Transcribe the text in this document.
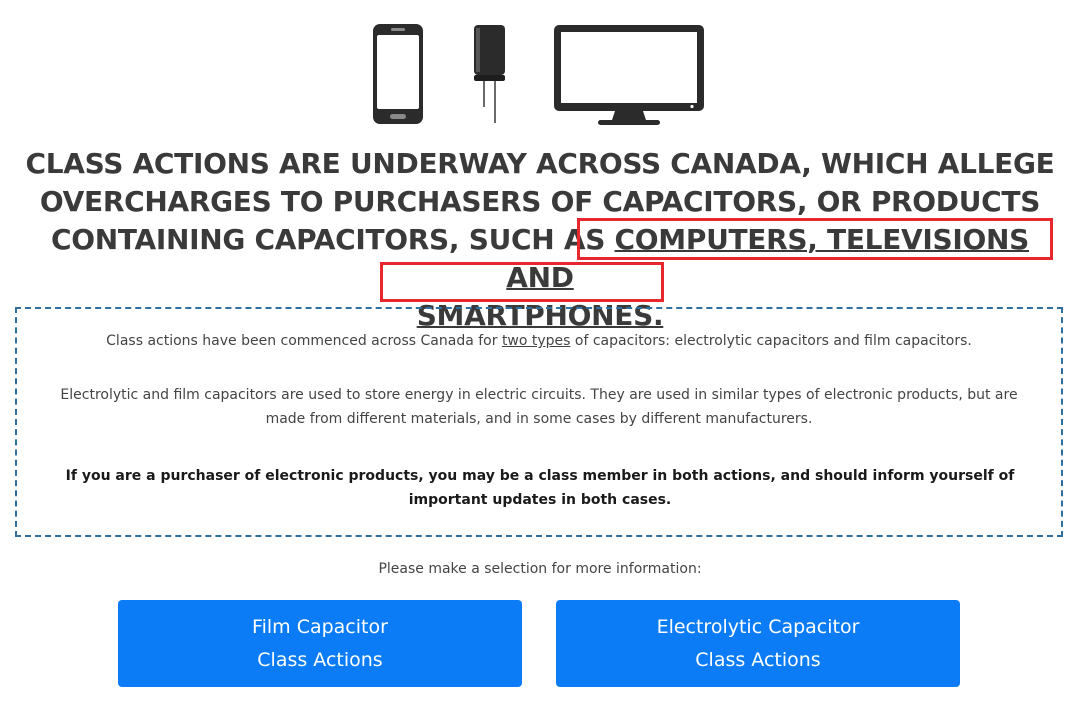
CLASS ACTIONS ARE UNDERWAY ACROSS CANADA, WHICH ALLEGE
OVERCHARGES TO PURCHASERS OF CAPACITORS, OR PRODUCTS
CONTAINING CAPACITORS, SUCH AS COMPUTERS, TELEVISIONS AND
SMARTPHONES.

Class actions have been commenced across Canada for two types of capacitors: electrolytic capacitors and film capacitors.

Electrolytic and film capacitors are used to store energy in electric circuits. They are used in similar types of electronic products, but are made from different materials, and in some cases by different manufacturers.

If you are a purchaser of electronic products, you may be a class member in both actions, and should inform yourself of important updates in both cases.

Please make a selection for more information:
Film Capacitor
Class Actions
Electrolytic Capacitor
Class Actions
